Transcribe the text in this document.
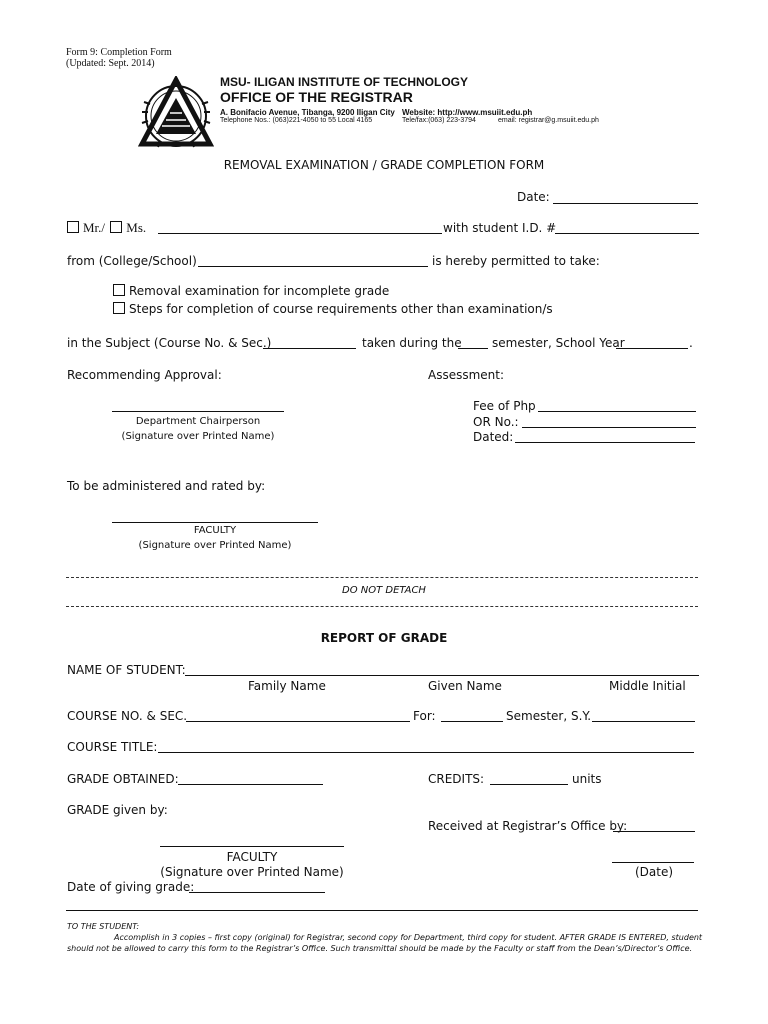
Form 9: Completion Form
(Updated: Sept. 2014)
MSU- ILIGAN INSTITUTE OF TECHNOLOGY
OFFICE OF THE REGISTRAR
A. Bonifacio Avenue, Tibanga, 9200 Iligan City Website: http://www.msuiit.edu.ph
Telephone Nos.: (063)221-4050 to 55 Local 4165	Tele/fax:(063) 223-3794	email: registrar@g.msuiit.edu.ph
REMOVAL EXAMINATION / GRADE COMPLETION FORM
Date:
Mr./ Ms.	with student I.D. #
from (College/School)	is hereby permitted to take:
Removal examination for incomplete grade
Steps for completion of course requirements other than examination/s
in the Subject (Course No. & Sec.)	taken during the	semester, School Year	.
Recommending Approval:	Assessment:
Department Chairperson
(Signature over Printed Name)
Fee of Php
OR No.:
Dated:
To be administered and rated by:
FACULTY
(Signature over Printed Name)
DO NOT DETACH
REPORT OF GRADE
NAME OF STUDENT:
Family Name	Given Name	Middle Initial
COURSE NO. & SEC.	For:	Semester, S.Y.
COURSE TITLE:
GRADE OBTAINED:	CREDITS:	units
GRADE given by:
Received at Registrar’s Office by:
FACULTY
(Signature over Printed Name)	(Date)
Date of giving grade:
TO THE STUDENT:
Accomplish in 3 copies – first copy (original) for Registrar, second copy for Department, third copy for student. AFTER GRADE IS ENTERED, student
should not be allowed to carry this form to the Registrar’s Office. Such transmittal should be made by the Faculty or staff from the Dean’s/Director’s Office.
